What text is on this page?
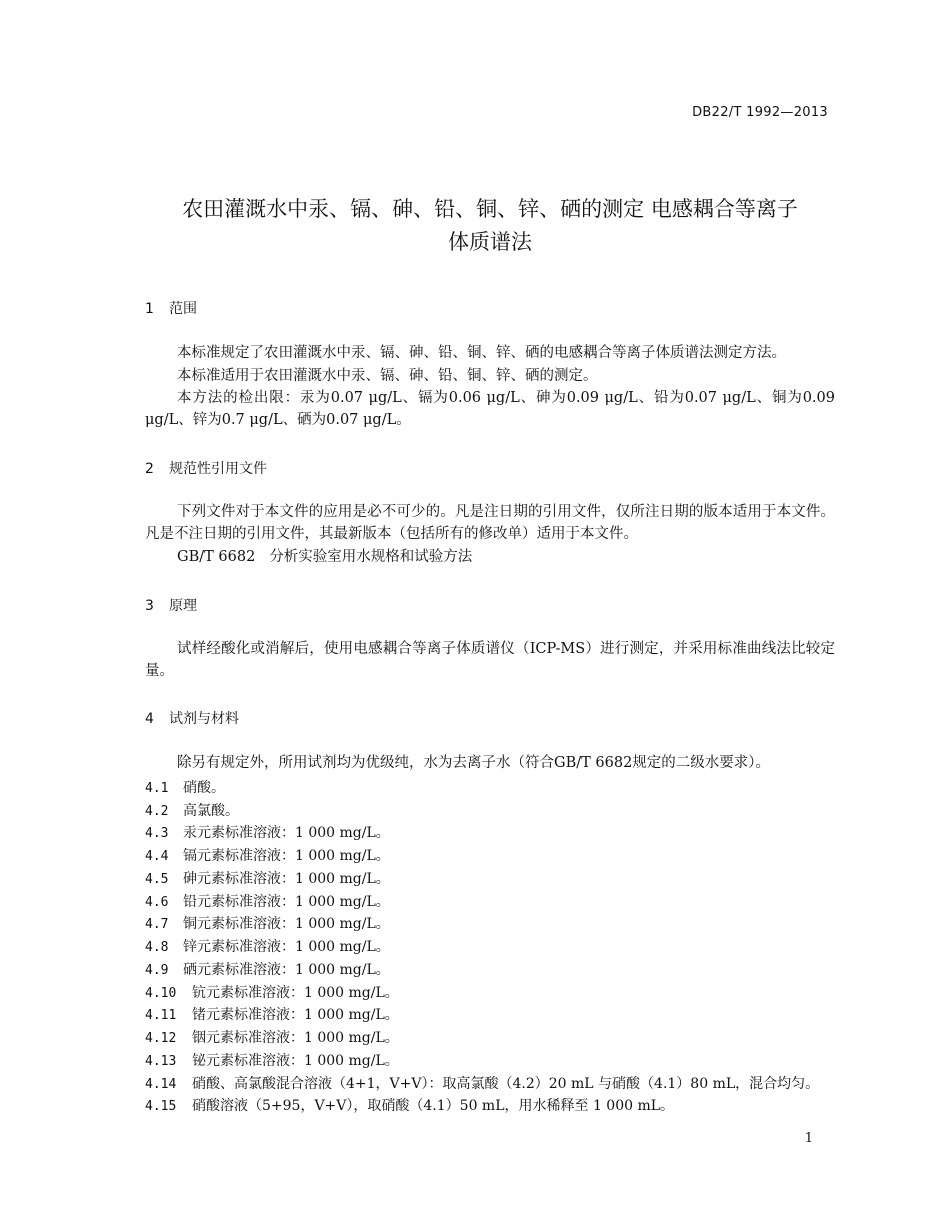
DB22/T 1992—2013
农田灌溉水中汞、镉、砷、铅、铜、锌、硒的测定 电感耦合等离子
体质谱法
1 范围
本标准规定了农田灌溉水中汞、镉、砷、铅、铜、锌、硒的电感耦合等离子体质谱法测定方法。
本标准适用于农田灌溉水中汞、镉、砷、铅、铜、锌、硒的测定。
本方法的检出限：汞为0.07 μg/L、镉为0.06 μg/L、砷为0.09 μg/L、铅为0.07 μg/L、铜为0.09 μg/L、锌为0.7 μg/L、硒为0.07 μg/L。
2 规范性引用文件
下列文件对于本文件的应用是必不可少的。凡是注日期的引用文件，仅所注日期的版本适用于本文件。凡是不注日期的引用文件，其最新版本（包括所有的修改单）适用于本文件。
GB/T 6682 分析实验室用水规格和试验方法
3 原理
试样经酸化或消解后，使用电感耦合等离子体质谱仪（ICP-MS）进行测定，并采用标准曲线法比较定量。
4 试剂与材料
除另有规定外，所用试剂均为优级纯，水为去离子水（符合GB/T 6682规定的二级水要求）。
4.1 硝酸。
4.2 高氯酸。
4.3 汞元素标准溶液：1 000 mg/L。
4.4 镉元素标准溶液：1 000 mg/L。
4.5 砷元素标准溶液：1 000 mg/L。
4.6 铅元素标准溶液：1 000 mg/L。
4.7 铜元素标准溶液：1 000 mg/L。
4.8 锌元素标准溶液：1 000 mg/L。
4.9 硒元素标准溶液：1 000 mg/L。
4.10 钪元素标准溶液：1 000 mg/L。
4.11 锗元素标准溶液：1 000 mg/L。
4.12 铟元素标准溶液：1 000 mg/L。
4.13 铋元素标准溶液：1 000 mg/L。
4.14 硝酸、高氯酸混合溶液（4+1，V+V）：取高氯酸（4.2）20 mL 与硝酸（4.1）80 mL，混合均匀。
4.15 硝酸溶液（5+95，V+V），取硝酸（4.1）50 mL，用水稀释至 1 000 mL。
1
